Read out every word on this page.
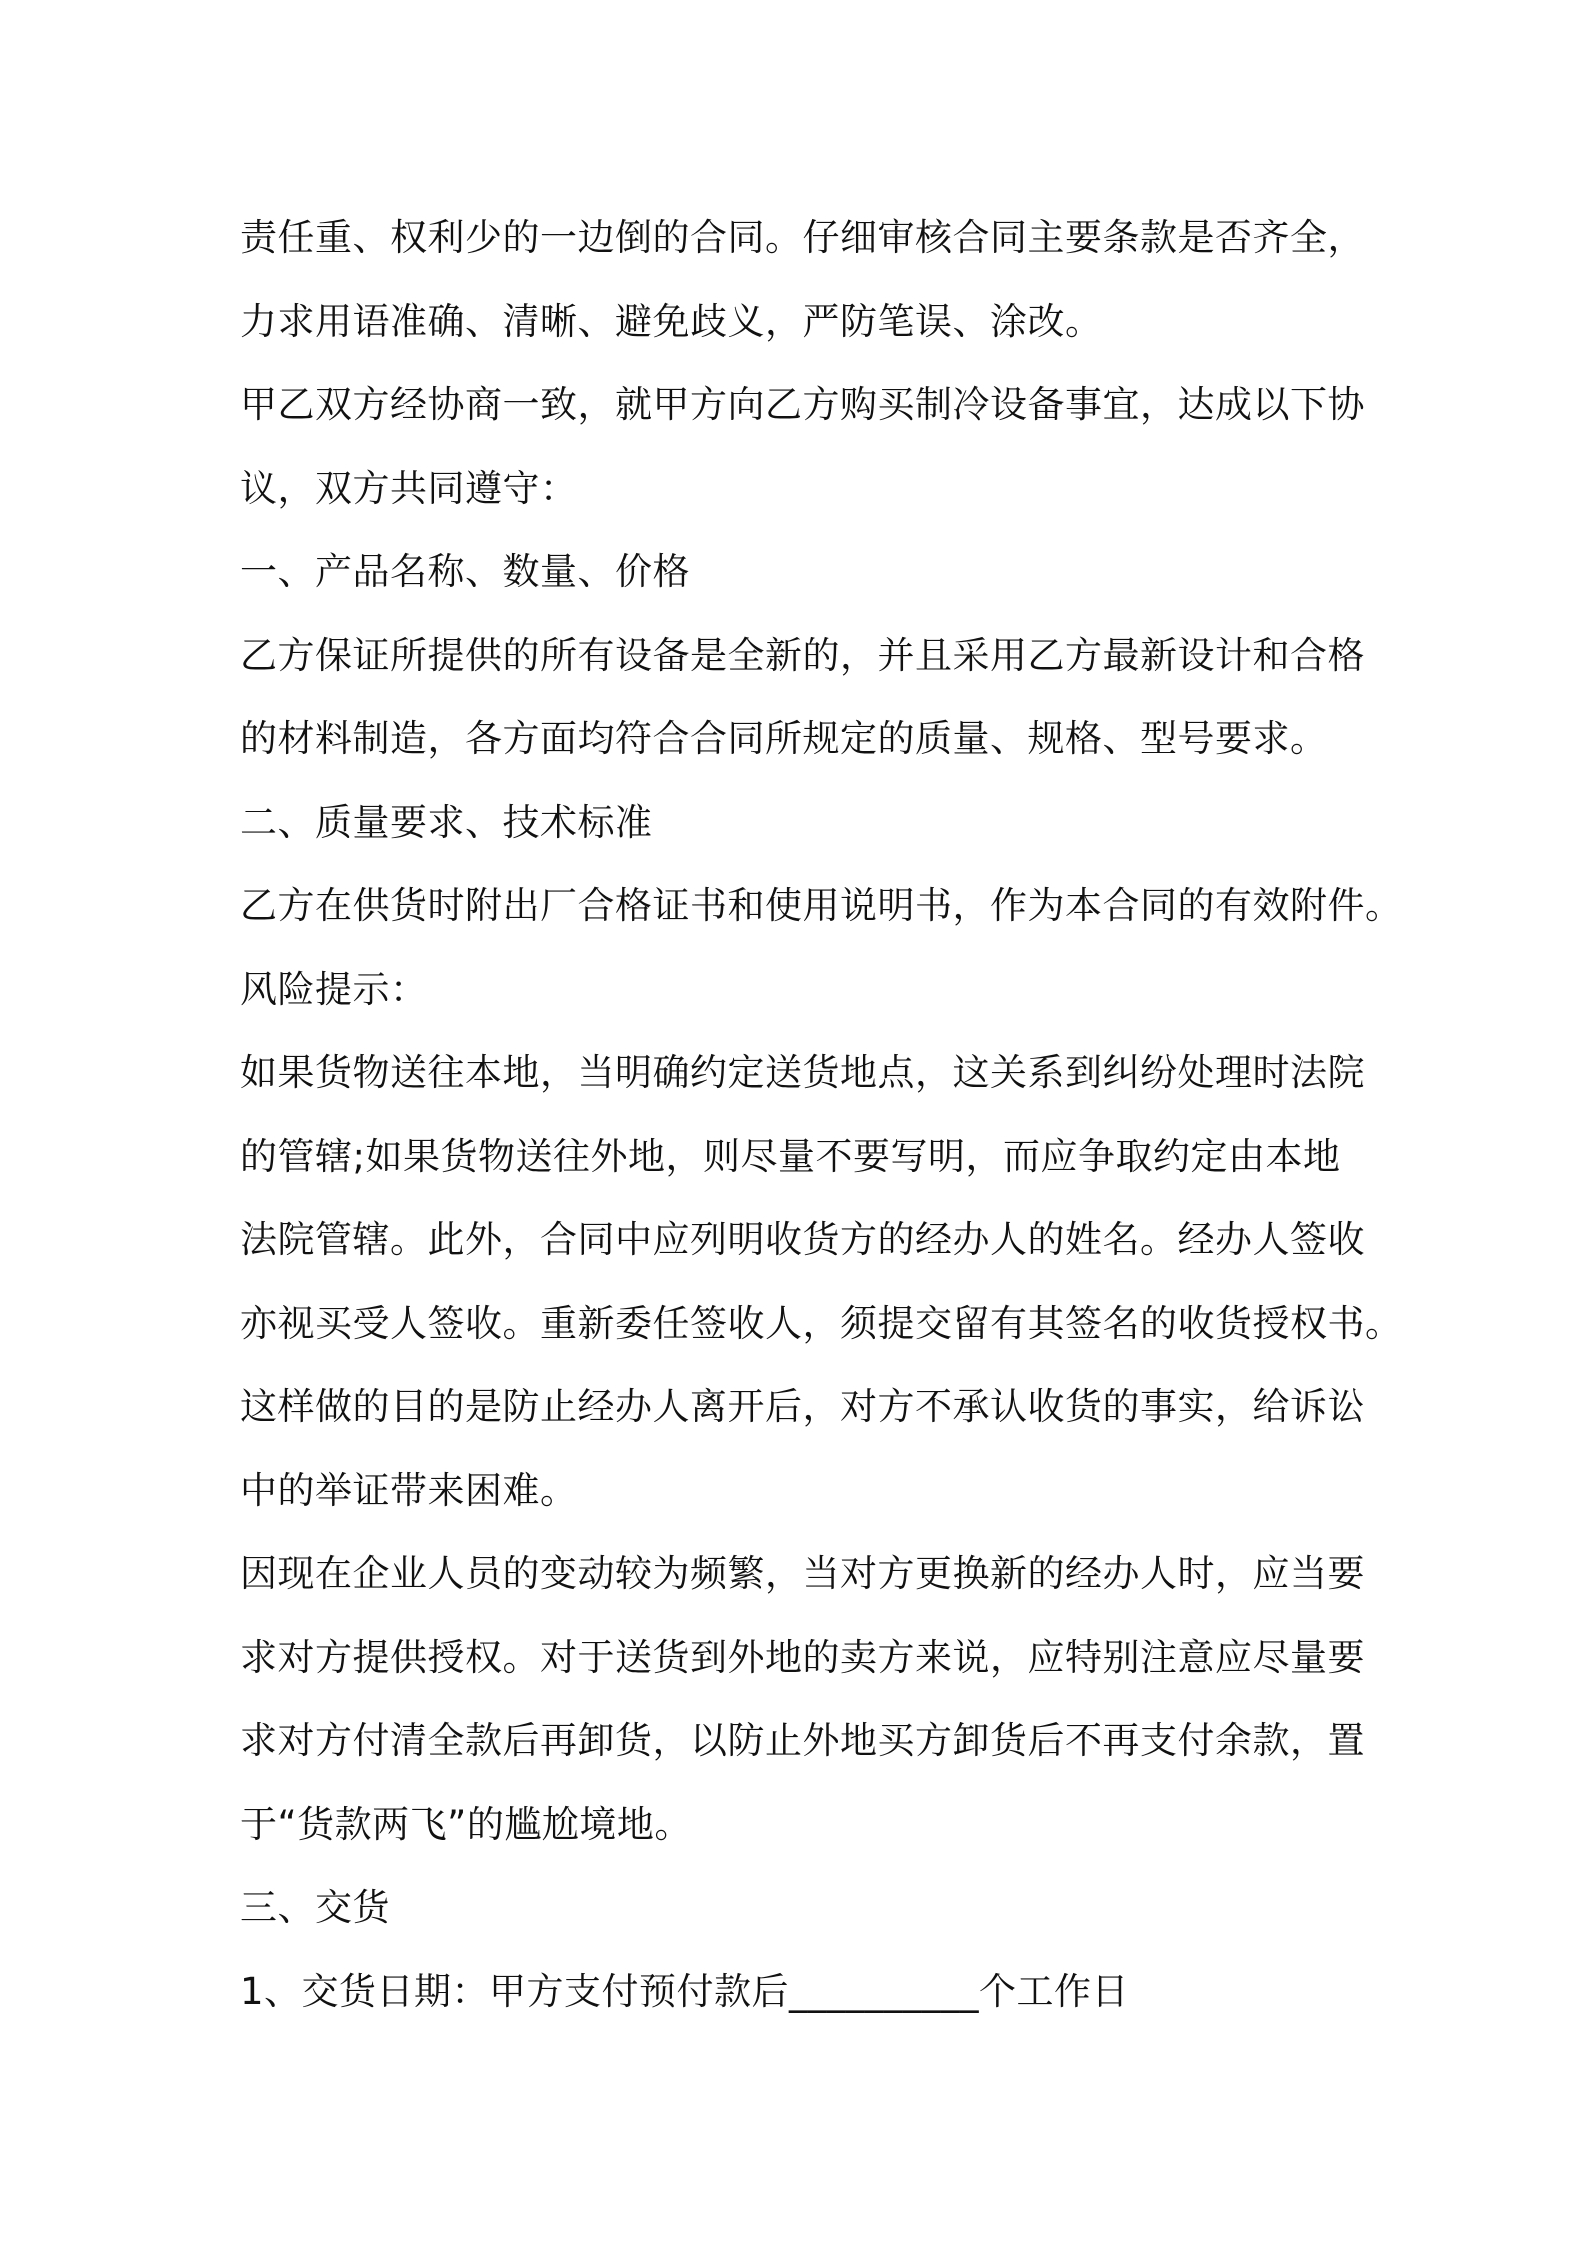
责任重、权利少的一边倒的合同。仔细审核合同主要条款是否齐全，

力求用语准确、清晰、避免歧义，严防笔误、涂改。

甲乙双方经协商一致，就甲方向乙方购买制冷设备事宜，达成以下协

议，双方共同遵守：

一、产品名称、数量、价格

乙方保证所提供的所有设备是全新的，并且采用乙方最新设计和合格

的材料制造，各方面均符合合同所规定的质量、规格、型号要求。

二、质量要求、技术标准

乙方在供货时附出厂合格证书和使用说明书，作为本合同的有效附件。

风险提示：

如果货物送往本地，当明确约定送货地点，这关系到纠纷处理时法院

的管辖;如果货物送往外地，则尽量不要写明，而应争取约定由本地

法院管辖。此外，合同中应列明收货方的经办人的姓名。经办人签收

亦视买受人签收。重新委任签收人，须提交留有其签名的收货授权书。

这样做的目的是防止经办人离开后，对方不承认收货的事实，给诉讼

中的举证带来困难。

因现在企业人员的变动较为频繁，当对方更换新的经办人时，应当要

求对方提供授权。对于送货到外地的卖方来说，应特别注意应尽量要

求对方付清全款后再卸货，以防止外地买方卸货后不再支付余款，置

于“货款两飞”的尴尬境地。

三、交货

1、交货日期：甲方支付预付款后__________个工作日
